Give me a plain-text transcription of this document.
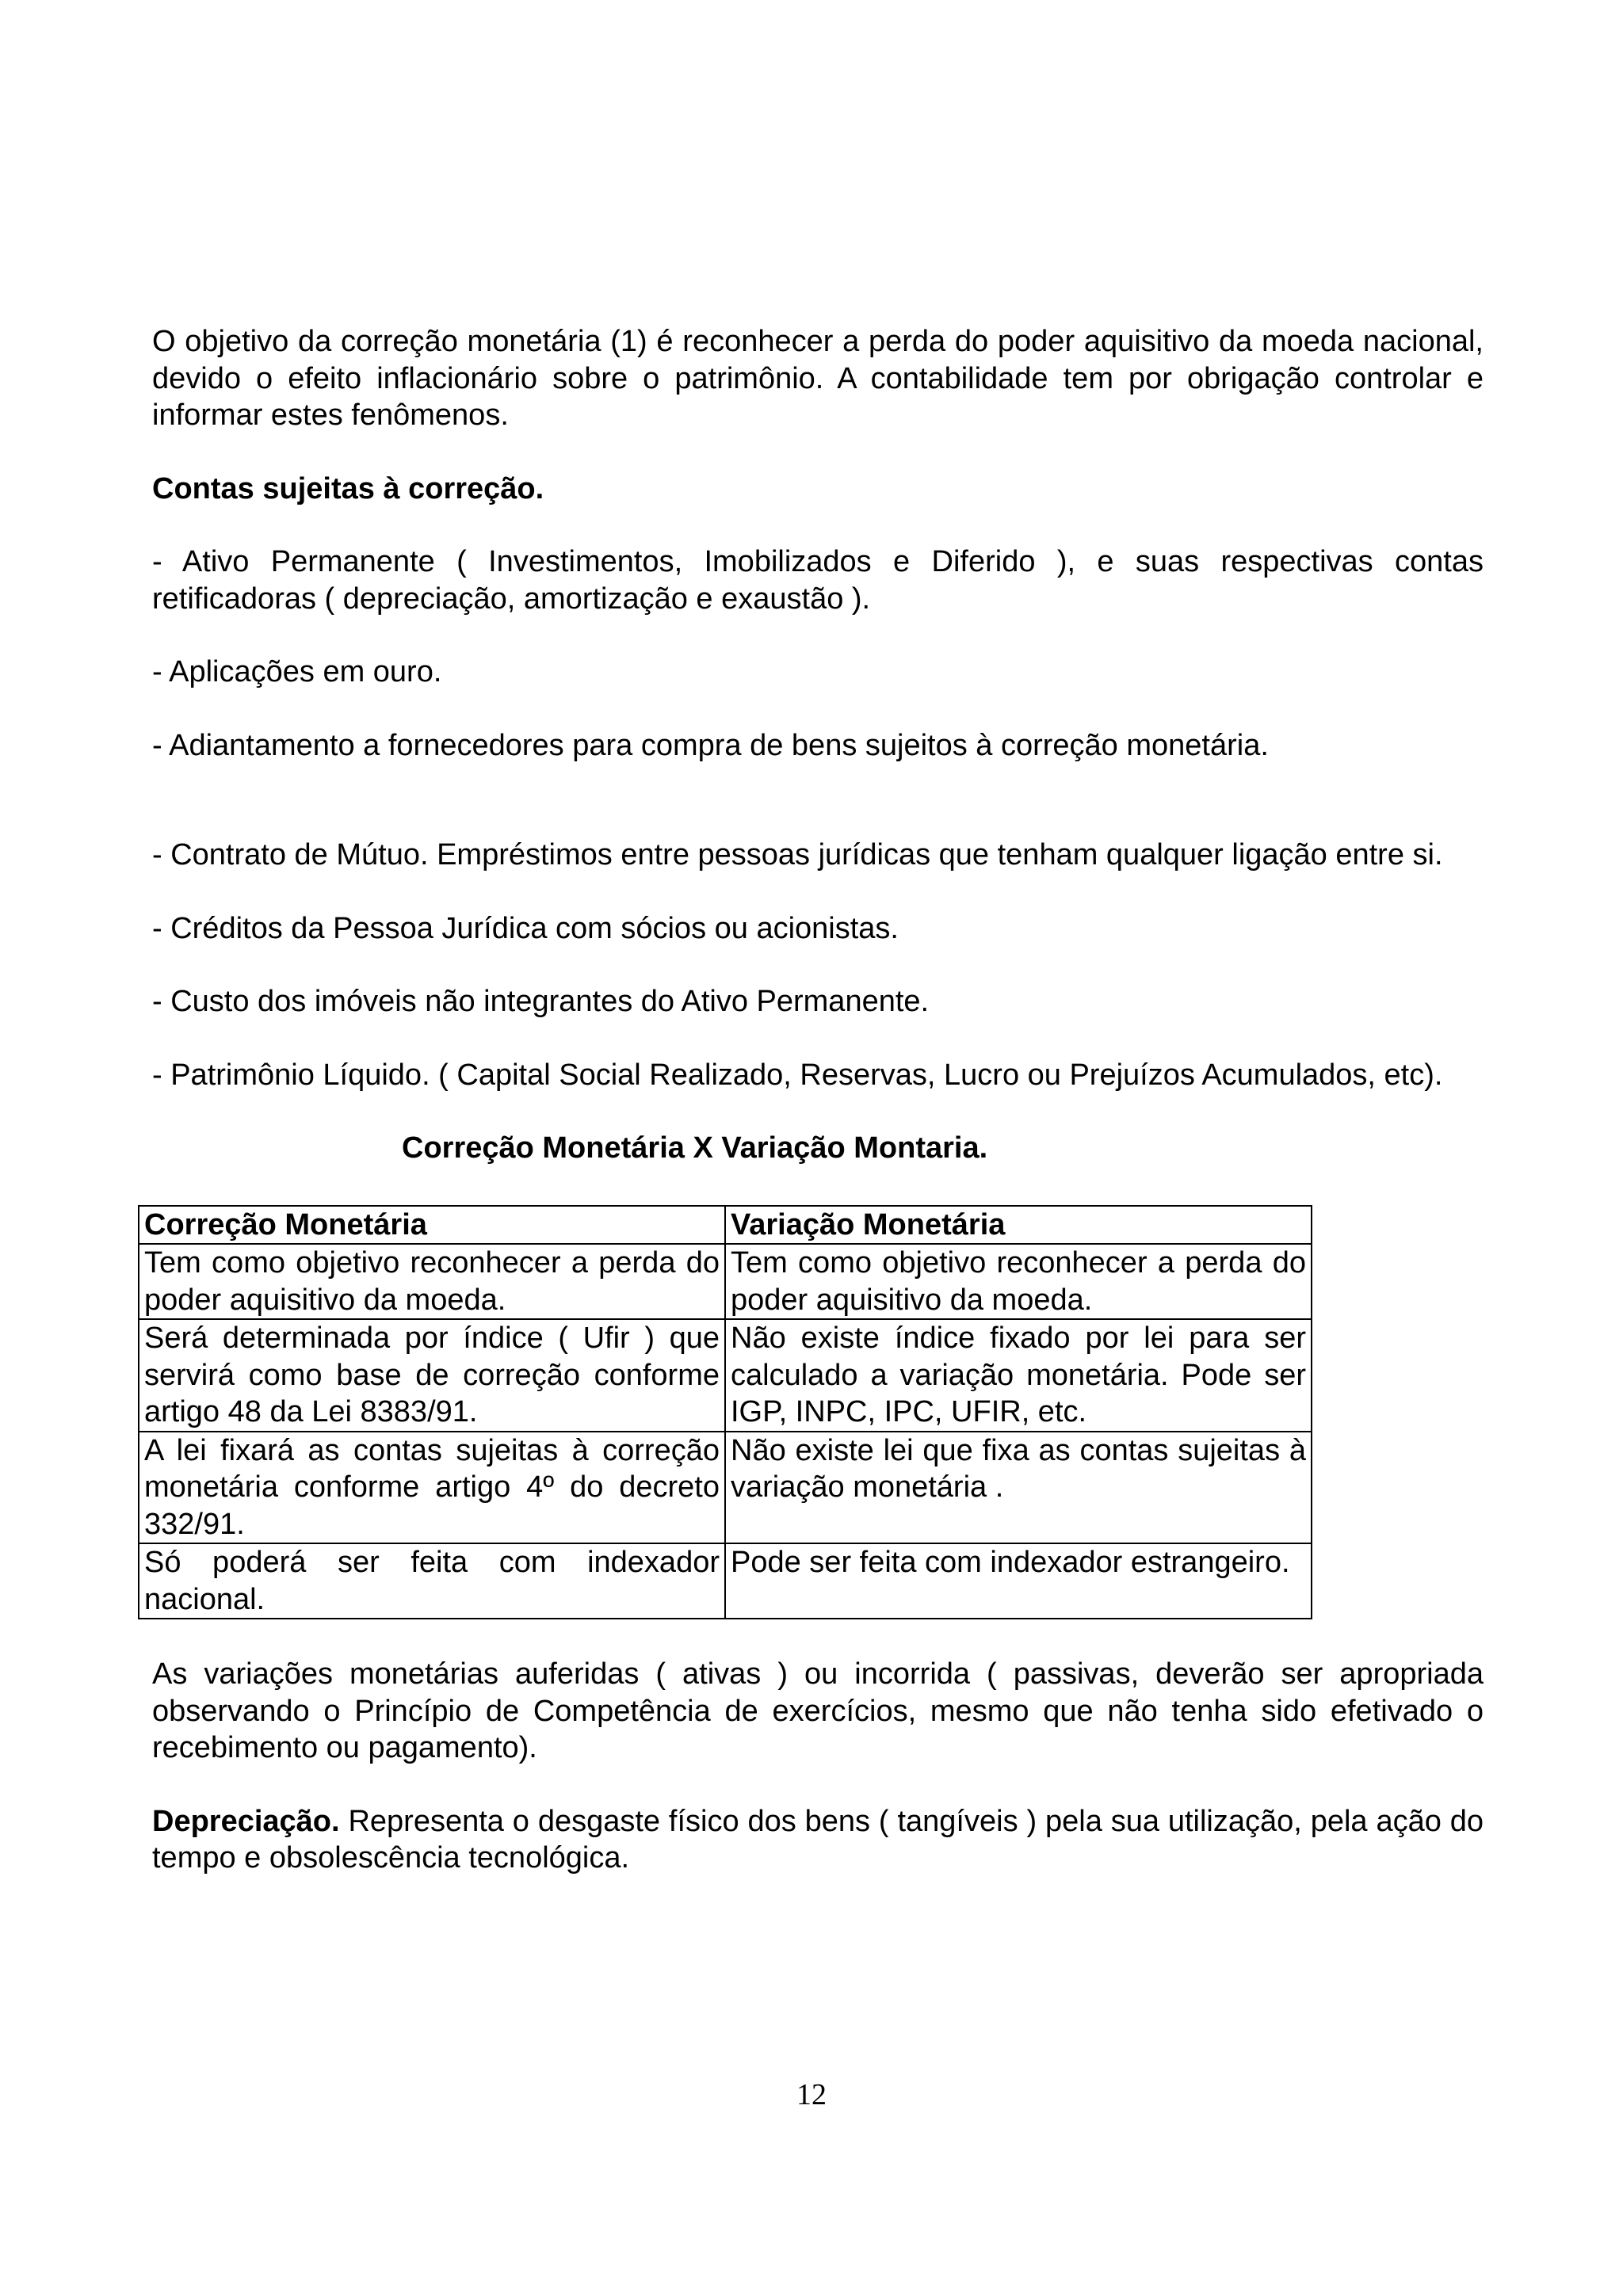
O objetivo da correção monetária (1) é reconhecer a perda do poder aquisitivo da moeda nacional, devido o efeito inflacionário sobre o patrimônio. A contabilidade tem por obrigação controlar e informar estes fenômenos.

Contas sujeitas à correção.

- Ativo Permanente ( Investimentos, Imobilizados e Diferido ), e suas respectivas contas retificadoras ( depreciação, amortização e exaustão ).

- Aplicações em ouro.

- Adiantamento a fornecedores para compra de bens sujeitos à correção monetária.

- Contrato de Mútuo. Empréstimos entre pessoas jurídicas que tenham qualquer ligação entre si.

- Créditos da Pessoa Jurídica com sócios ou acionistas.

- Custo dos imóveis não integrantes do Ativo Permanente.

- Patrimônio Líquido. ( Capital Social Realizado, Reservas, Lucro ou Prejuízos Acumulados, etc).

Correção Monetária X Variação Montaria.

Correção Monetária	Variação Monetária
Tem como objetivo reconhecer a perda do poder aquisitivo da moeda.	Tem como objetivo reconhecer a perda do poder aquisitivo da moeda.
Será determinada por índice ( Ufir ) que servirá como base de correção conforme artigo 48 da Lei 8383/91.	Não existe índice fixado por lei para ser calculado a variação monetária. Pode ser IGP, INPC, IPC, UFIR, etc.
A lei fixará as contas sujeitas à correção monetária conforme artigo 4º do decreto 332/91.	Não existe lei que fixa as contas sujeitas à variação monetária .
Só poderá ser feita com indexador nacional.	Pode ser feita com indexador estrangeiro.

As variações monetárias auferidas ( ativas ) ou incorrida ( passivas, deverão ser apropriada observando o Princípio de Competência de exercícios, mesmo que não tenha sido efetivado o recebimento ou pagamento).

Depreciação. Representa o desgaste físico dos bens ( tangíveis ) pela sua utilização, pela ação do tempo e obsolescência tecnológica.

12
